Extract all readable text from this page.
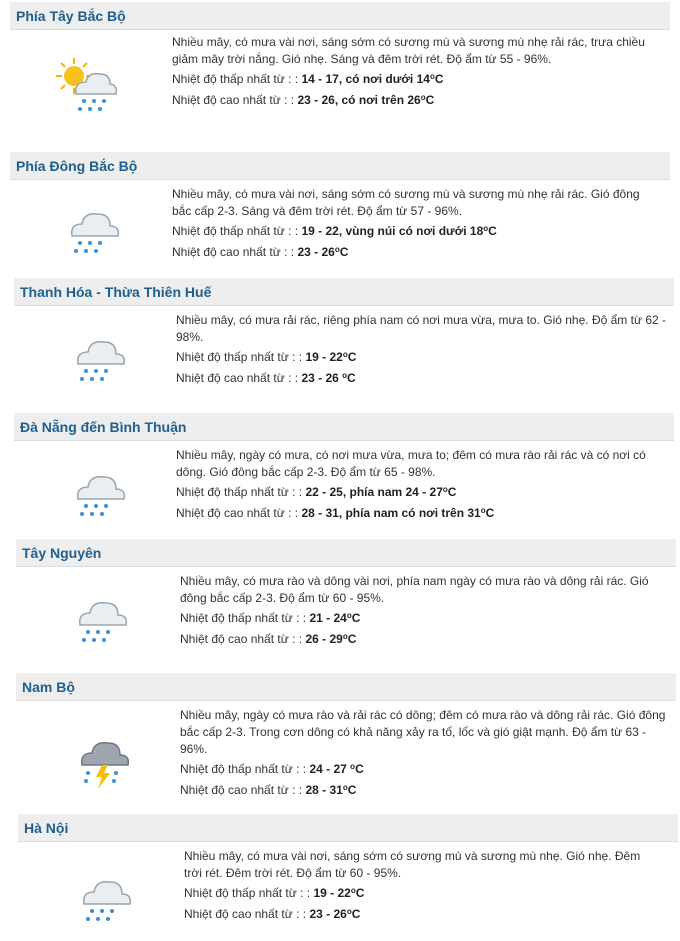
Phía Tây Bắc Bộ

Nhiều mây, có mưa vài nơi, sáng sớm có sương mù và sương mù nhẹ rải rác, trưa chiều giảm mây trời nắng. Gió nhẹ. Sáng và đêm trời rét. Độ ẩm từ 55 - 96%.

Nhiệt độ thấp nhất từ : : 14 - 17, có nơi dưới 14$^o$C

Nhiệt độ cao nhất từ : : 23 - 26, có nơi trên 26$^o$C

Phía Đông Bắc Bộ

Nhiều mây, có mưa vài nơi, sáng sớm có sương mù và sương mù nhẹ rải rác. Gió đông bắc cấp 2-3. Sáng và đêm trời rét. Độ ẩm từ 57 - 96%.

Nhiệt độ thấp nhất từ : : 19 - 22, vùng núi có nơi dưới 18$^o$C

Nhiệt độ cao nhất từ : : 23 - 26$^o$C

Thanh Hóa - Thừa Thiên Huế

Nhiều mây, có mưa rải rác, riêng phía nam có nơi mưa vừa, mưa to. Gió nhẹ. Độ ẩm từ 62 - 98%.

Nhiệt độ thấp nhất từ : : 19 - 22$^o$C

Nhiệt độ cao nhất từ : : 23 - 26 $^o$C

Đà Nẵng đến Bình Thuận

Nhiều mây, ngày có mưa, có nơi mưa vừa, mưa to; đêm có mưa rào rải rác và có nơi có dông. Gió đông bắc cấp 2-3. Độ ẩm từ 65 - 98%.

Nhiệt độ thấp nhất từ : : 22 - 25, phía nam 24 - 27$^o$C

Nhiệt độ cao nhất từ : : 28 - 31, phía nam có nơi trên 31$^o$C

Tây Nguyên

Nhiều mây, có mưa rào và dông vài nơi, phía nam ngày có mưa rào và dông rải rác. Gió đông bắc cấp 2-3. Độ ẩm từ 60 - 95%.

Nhiệt độ thấp nhất từ : : 21 - 24$^o$C

Nhiệt độ cao nhất từ : : 26 - 29$^o$C

Nam Bộ

Nhiều mây, ngày có mưa rào và rải rác có dông; đêm có mưa rào và dông rải rác. Gió đông bắc cấp 2-3. Trong cơn dông có khả năng xảy ra tố, lốc và gió giật mạnh. Độ ẩm từ 63 - 96%.

Nhiệt độ thấp nhất từ : : 24 - 27 $^o$C

Nhiệt độ cao nhất từ : : 28 - 31$^o$C

Hà Nội

Nhiều mây, có mưa vài nơi, sáng sớm có sương mù và sương mù nhẹ. Gió nhẹ. Đêm trời rét. Đêm trời rét. Độ ẩm từ 60 - 95%.

Nhiệt độ thấp nhất từ : : 19 - 22$^o$C

Nhiệt độ cao nhất từ : : 23 - 26$^o$C
